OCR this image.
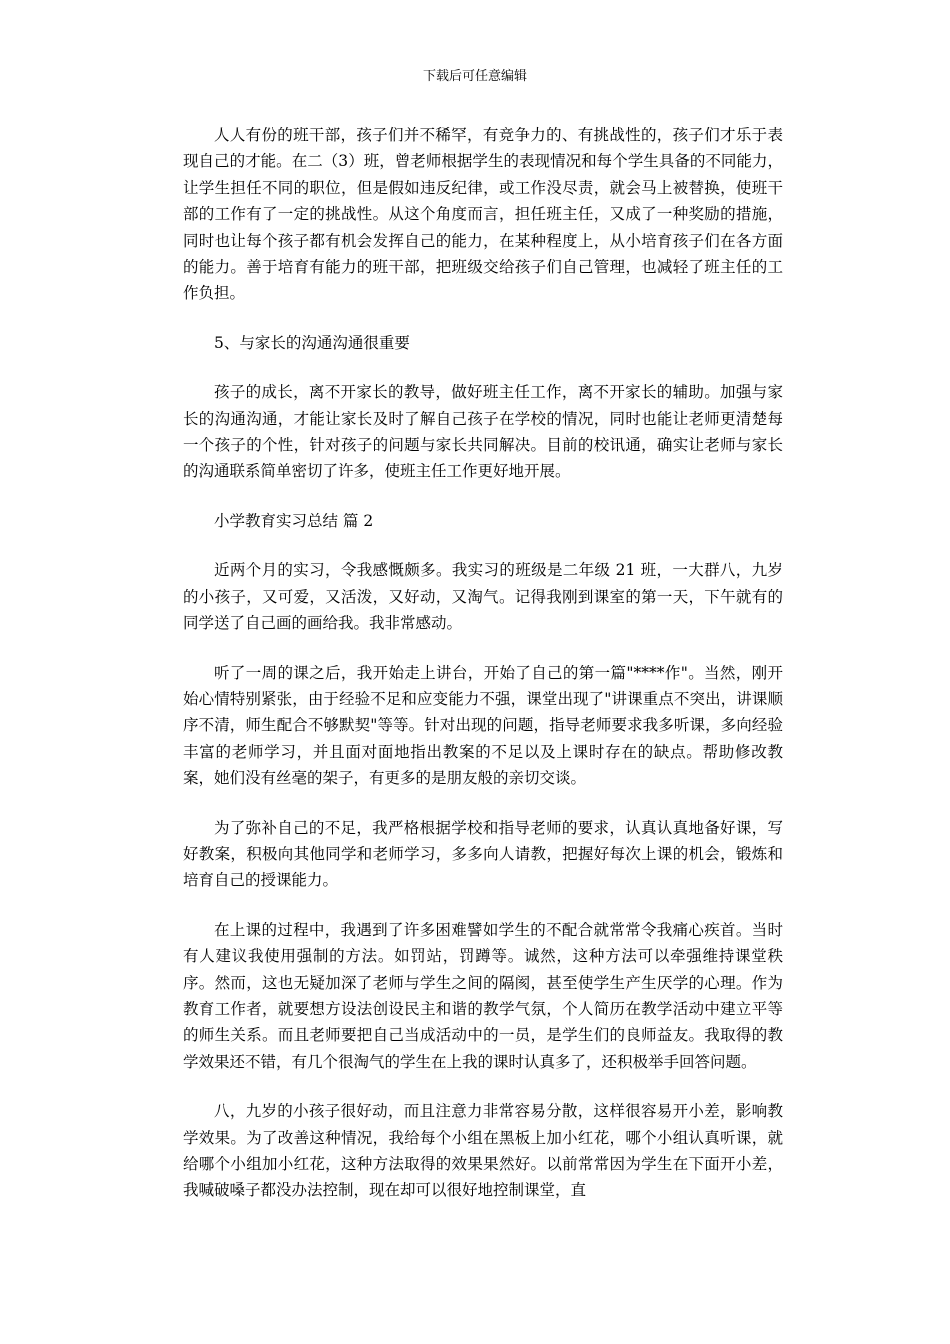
下载后可任意编辑

人人有份的班干部，孩子们并不稀罕，有竞争力的、有挑战性的，孩子们才乐于表现自己的才能。在二（3）班，曾老师根据学生的表现情况和每个学生具备的不同能力，让学生担任不同的职位，但是假如违反纪律，或工作没尽责，就会马上被替换，使班干部的工作有了一定的挑战性。从这个角度而言，担任班主任，又成了一种奖励的措施，同时也让每个孩子都有机会发挥自己的能力，在某种程度上，从小培育孩子们在各方面的能力。善于培育有能力的班干部，把班级交给孩子们自己管理，也减轻了班主任的工作负担。

5、与家长的沟通沟通很重要

孩子的成长，离不开家长的教导，做好班主任工作，离不开家长的辅助。加强与家长的沟通沟通，才能让家长及时了解自己孩子在学校的情况，同时也能让老师更清楚每一个孩子的个性，针对孩子的问题与家长共同解决。目前的校讯通，确实让老师与家长的沟通联系简单密切了许多，使班主任工作更好地开展。

小学教育实习总结 篇 2

近两个月的实习，令我感慨颇多。我实习的班级是二年级 21 班，一大群八，九岁的小孩子，又可爱，又活泼，又好动，又淘气。记得我刚到课室的第一天，下午就有的同学送了自己画的画给我。我非常感动。

听了一周的课之后，我开始走上讲台，开始了自己的第一篇"****作"。当然，刚开始心情特别紧张，由于经验不足和应变能力不强，课堂出现了"讲课重点不突出，讲课顺序不清，师生配合不够默契"等等。针对出现的问题，指导老师要求我多听课，多向经验丰富的老师学习，并且面对面地指出教案的不足以及上课时存在的缺点。帮助修改教案，她们没有丝毫的架子，有更多的是朋友般的亲切交谈。

为了弥补自己的不足，我严格根据学校和指导老师的要求，认真认真地备好课，写好教案，积极向其他同学和老师学习，多多向人请教，把握好每次上课的机会，锻炼和培育自己的授课能力。

在上课的过程中，我遇到了许多困难譬如学生的不配合就常常令我痛心疾首。当时有人建议我使用强制的方法。如罚站，罚蹲等。诚然，这种方法可以牵强维持课堂秩序。然而，这也无疑加深了老师与学生之间的隔阂，甚至使学生产生厌学的心理。作为教育工作者，就要想方设法创设民主和谐的教学气氛，个人简历在教学活动中建立平等的师生关系。而且老师要把自己当成活动中的一员，是学生们的良师益友。我取得的教学效果还不错，有几个很淘气的学生在上我的课时认真多了，还积极举手回答问题。

八，九岁的小孩子很好动，而且注意力非常容易分散，这样很容易开小差，影响教学效果。为了改善这种情况，我给每个小组在黑板上加小红花，哪个小组认真听课，就给哪个小组加小红花，这种方法取得的效果果然好。以前常常因为学生在下面开小差，我喊破嗓子都没办法控制，现在却可以很好地控制课堂，直
